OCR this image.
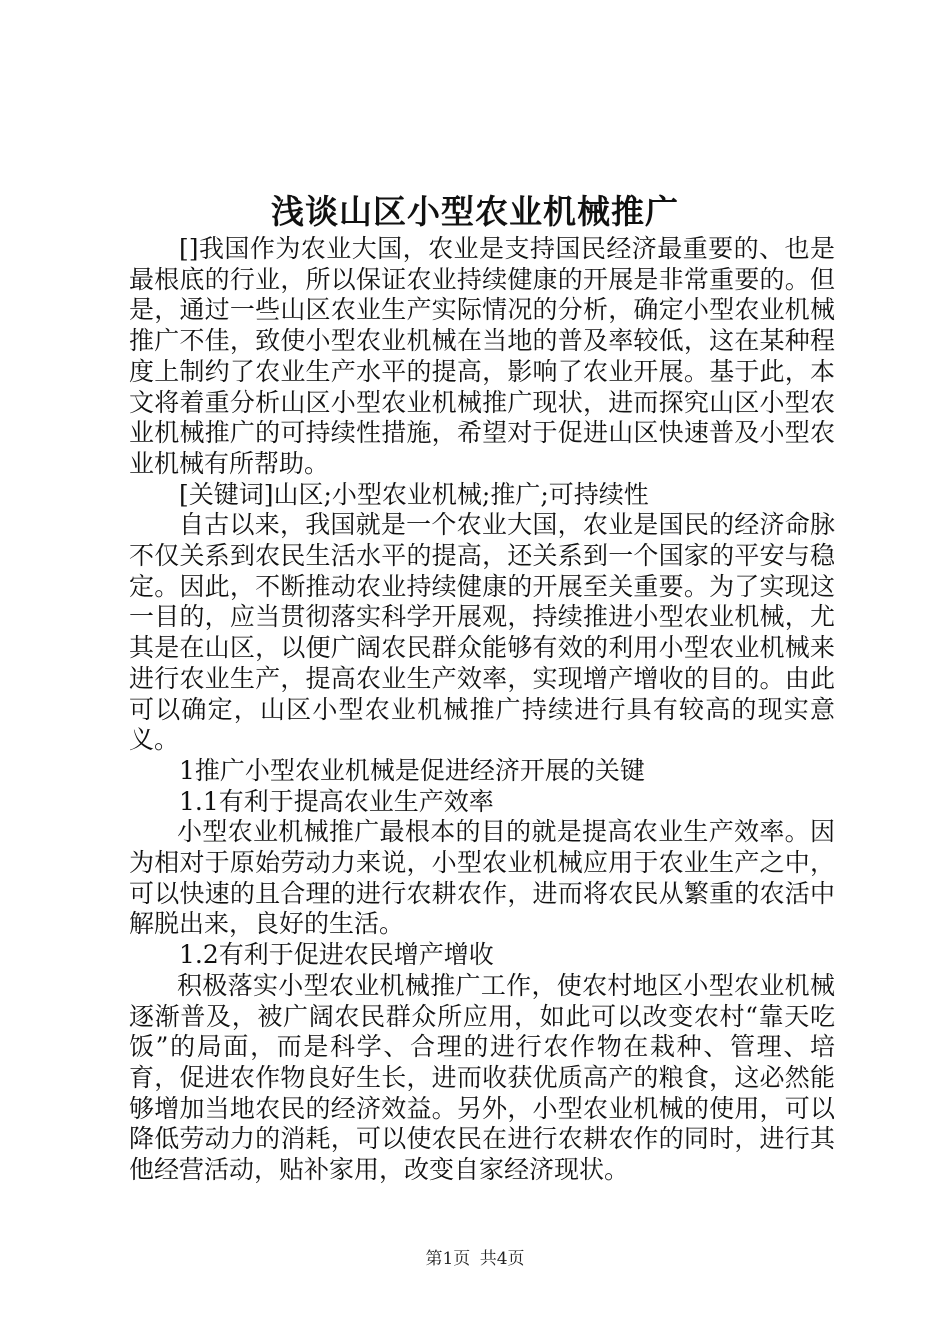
浅谈山区小型农业机械推广

[]我国作为农业大国，农业是支持国民经济最重要的、也是最根底的行业，所以保证农业持续健康的开展是非常重要的。但是，通过一些山区农业生产实际情况的分析，确定小型农业机械推广不佳，致使小型农业机械在当地的普及率较低，这在某种程度上制约了农业生产水平的提高，影响了农业开展。基于此，本文将着重分析山区小型农业机械推广现状，进而探究山区小型农业机械推广的可持续性措施，希望对于促进山区快速普及小型农业机械有所帮助。

[关键词]山区;小型农业机械;推广;可持续性

自古以来，我国就是一个农业大国，农业是国民的经济命脉不仅关系到农民生活水平的提高，还关系到一个国家的平安与稳定。因此，不断推动农业持续健康的开展至关重要。为了实现这一目的，应当贯彻落实科学开展观，持续推进小型农业机械，尤其是在山区，以便广阔农民群众能够有效的利用小型农业机械来进行农业生产，提高农业生产效率，实现增产增收的目的。由此可以确定，山区小型农业机械推广持续进行具有较高的现实意义。

1推广小型农业机械是促进经济开展的关键

1.1有利于提高农业生产效率

小型农业机械推广最根本的目的就是提高农业生产效率。因为相对于原始劳动力来说，小型农业机械应用于农业生产之中，可以快速的且合理的进行农耕农作，进而将农民从繁重的农活中解脱出来，良好的生活。

1.2有利于促进农民增产增收

积极落实小型农业机械推广工作，使农村地区小型农业机械逐渐普及，被广阔农民群众所应用，如此可以改变农村“靠天吃饭”的局面，而是科学、合理的进行农作物在栽种、管理、培育，促进农作物良好生长，进而收获优质高产的粮食，这必然能够增加当地农民的经济效益。另外，小型农业机械的使用，可以降低劳动力的消耗，可以使农民在进行农耕农作的同时，进行其他经营活动，贴补家用，改变自家经济现状。

第1页 共4页
